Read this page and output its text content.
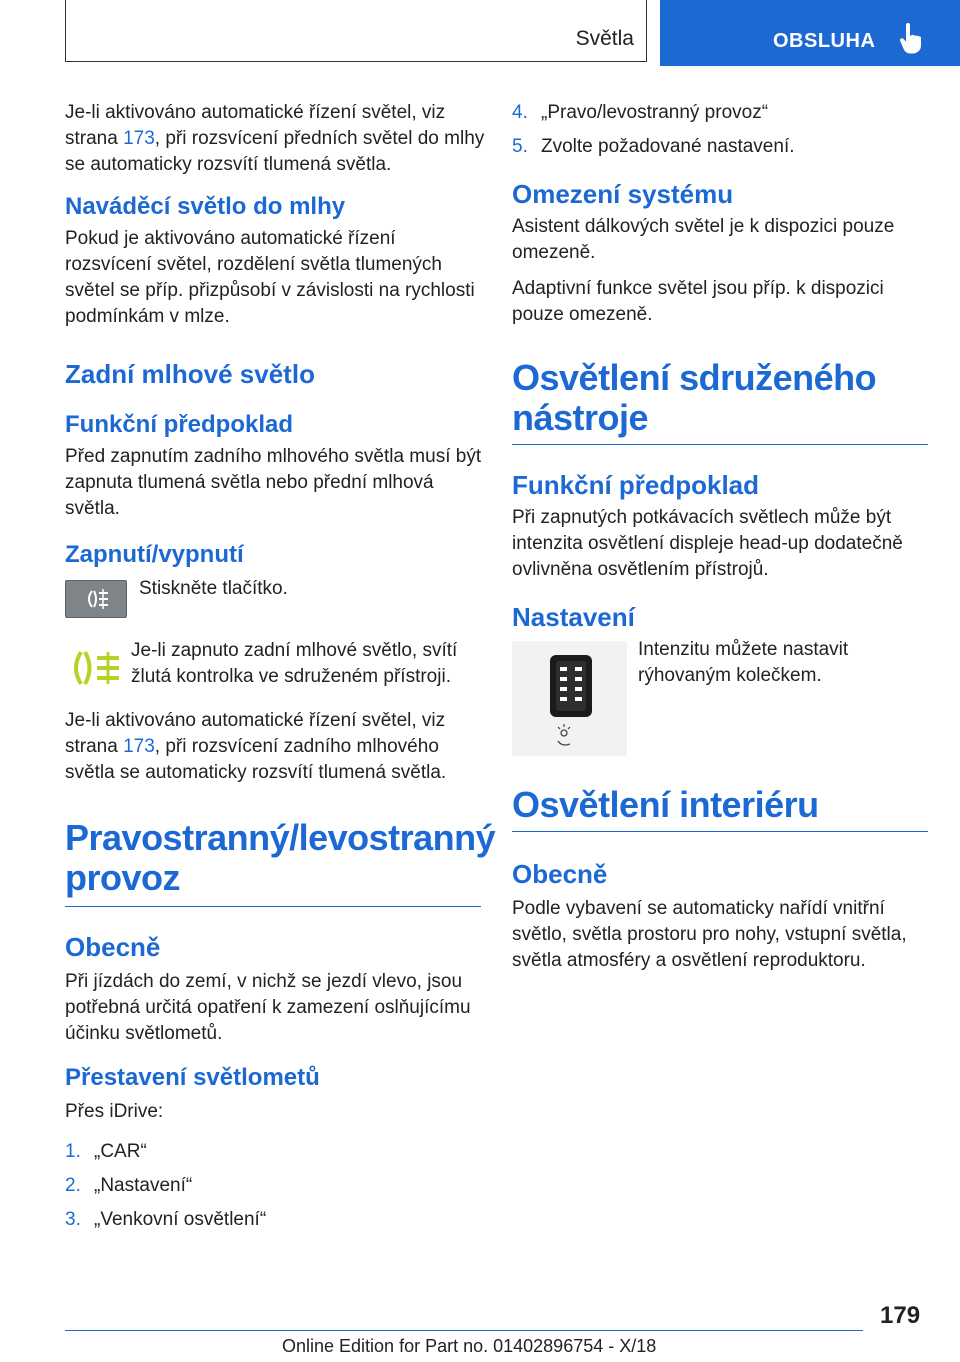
Světla	OBSLUHA

Je-li aktivováno automatické řízení světel, viz strana 173, při rozsvícení předních světel do mlhy se automaticky rozsvítí tlumená světla.

Naváděcí světlo do mlhy

Pokud je aktivováno automatické řízení rozsvícení světel, rozdělení světla tlumených světel se příp. přizpůsobí v závislosti na rychlosti podmínkám v mlze.

Zadní mlhové světlo
Funkční předpoklad

Před zapnutím zadního mlhového světla musí být zapnuta tlumená světla nebo přední mlhová světla.

Zapnutí/vypnutí

Stiskněte tlačítko.

Je-li zapnuto zadní mlhové světlo, svítí žlutá kontrolka ve sdruženém přístroji.

Je-li aktivováno automatické řízení světel, viz strana 173, při rozsvícení zadního mlhového světla se automaticky rozsvítí tlumená světla.

Pravostranný/levostranný provoz
Obecně

Při jízdách do zemí, v nichž se jezdí vlevo, jsou potřebná určitá opatření k zamezení oslňujícímu účinku světlometů.

Přestavení světlometů

Přes iDrive:

1. „CAR“
2. „Nastavení“
3. „Venkovní osvětlení“
4. „Pravo/levostranný provoz“
5. Zvolte požadované nastavení.
Omezení systému

Asistent dálkových světel je k dispozici pouze omezeně.

Adaptivní funkce světel jsou příp. k dispozici pouze omezeně.

Osvětlení sdruženého nástroje
Funkční předpoklad

Při zapnutých potkávacích světlech může být intenzita osvětlení displeje head-up dodatečně ovlivněna osvětlením přístrojů.

Nastavení

Intenzitu můžete nastavit rýhovaným kolečkem.

Osvětlení interiéru
Obecně

Podle vybavení se automaticky nařídí vnitřní světlo, světla prostoru pro nohy, vstupní světla, světla atmosféry a osvětlení reproduktoru.

179
Online Edition for Part no. 01402896754 - X/18
